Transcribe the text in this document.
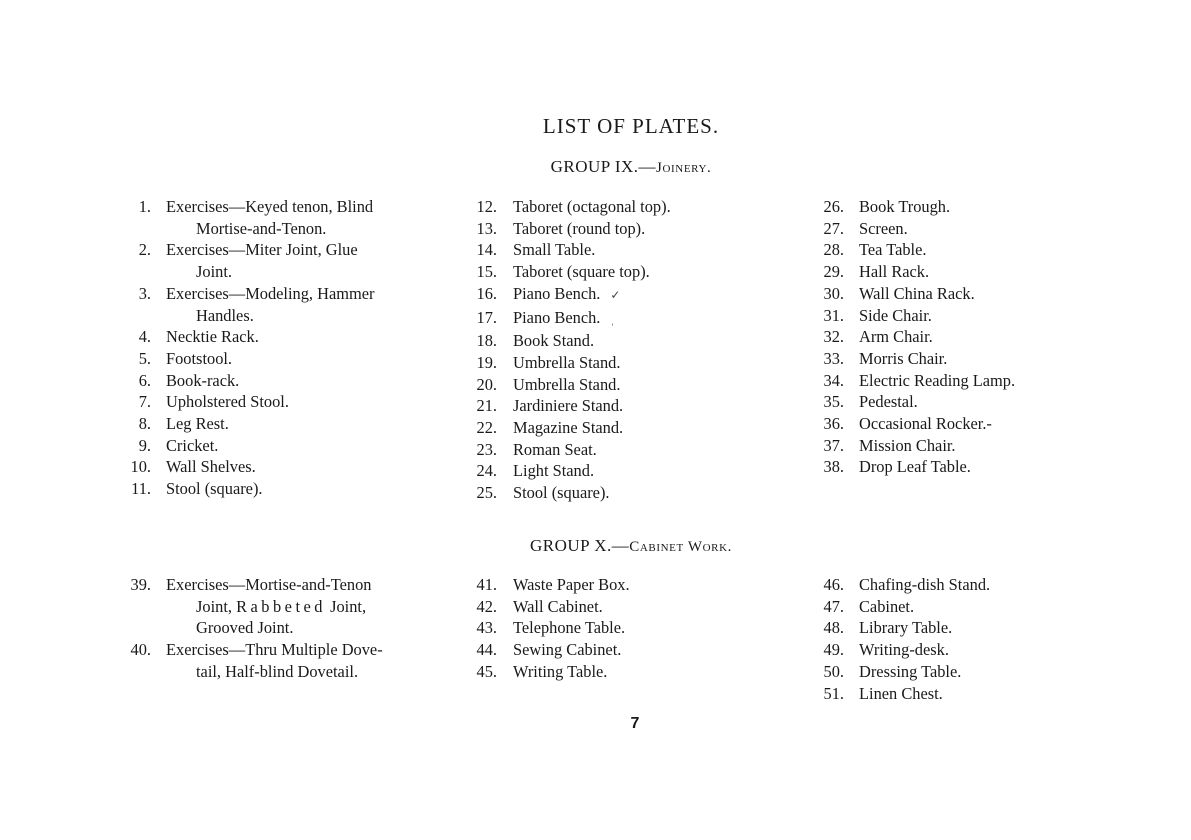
LIST OF PLATES.
GROUP IX.—Joinery.
1. Exercises—Keyed tenon, Blind
Mortise-and-Tenon.
2. Exercises—Miter Joint, Glue
Joint.
3. Exercises—Modeling, Hammer
Handles.
4. Necktie Rack.
5. Footstool.
6. Book-rack.
7. Upholstered Stool.
8. Leg Rest.
9. Cricket.
10. Wall Shelves.
11. Stool (square).
12. Taboret (octagonal top).
13. Taboret (round top).
14. Small Table.
15. Taboret (square top).
16. Piano Bench. ✓
17. Piano Bench. ˌ
18. Book Stand.
19. Umbrella Stand.
20. Umbrella Stand.
21. Jardiniere Stand.
22. Magazine Stand.
23. Roman Seat.
24. Light Stand.
25. Stool (square).
26. Book Trough.
27. Screen.
28. Tea Table.
29. Hall Rack.
30. Wall China Rack.
31. Side Chair.
32. Arm Chair.
33. Morris Chair.
34. Electric Reading Lamp.
35. Pedestal.
36. Occasional Rocker.-
37. Mission Chair.
38. Drop Leaf Table.
GROUP X.—Cabinet Work.
39. Exercises—Mortise-and-Tenon
Joint, Rabbeted Joint,
Grooved Joint.
40. Exercises—Thru Multiple Dove-
tail, Half-blind Dovetail.
41. Waste Paper Box.
42. Wall Cabinet.
43. Telephone Table.
44. Sewing Cabinet.
45. Writing Table.
46. Chafing-dish Stand.
47. Cabinet.
48. Library Table.
49. Writing-desk.
50. Dressing Table.
51. Linen Chest.
7
